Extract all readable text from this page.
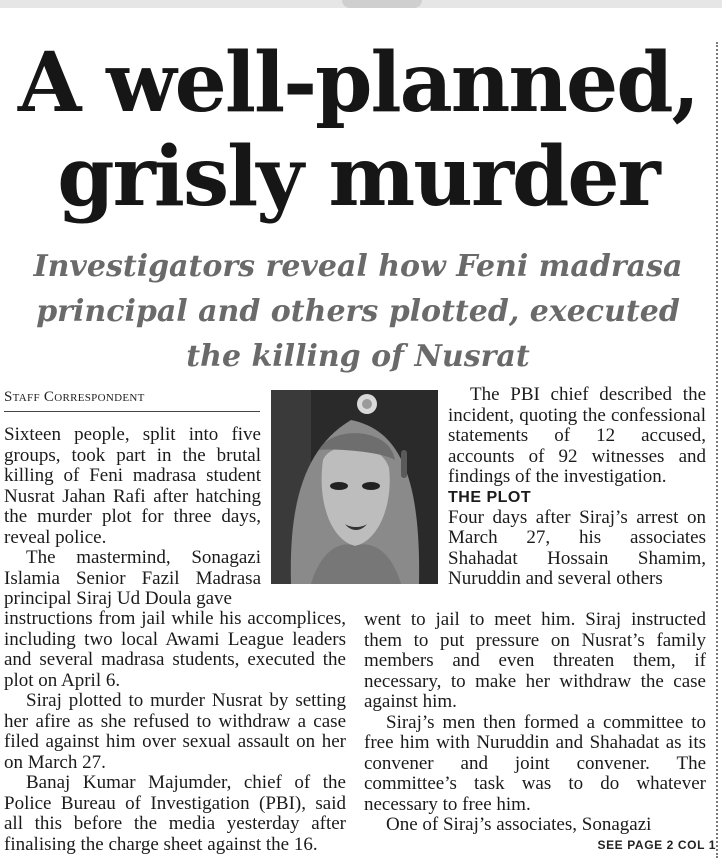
A well-planned,
grisly murder
Investigators reveal how Feni madrasa
principal and others plotted, executed
the killing of Nusrat
Staff Correspondent

Sixteen people, split into five groups, took part in the brutal killing of Feni madrasa student Nusrat Jahan Rafi after hatching the murder plot for three days, reveal police.

The mastermind, Sonagazi Islamia Senior Fazil Madrasa principal Siraj Ud Doula gave

instructions from jail while his accomplices, including two local Awami League leaders and several madrasa students, executed the plot on April 6.

Siraj plotted to murder Nusrat by setting her afire as she refused to withdraw a case filed against him over sexual assault on her on March 27.

Banaj Kumar Majumder, chief of the Police Bureau of Investigation (PBI), said all this before the media yesterday after finalising the charge sheet against the 16.

The PBI chief described the incident, quoting the confessional statements of 12 accused, accounts of 92 witnesses and findings of the investigation.

THE PLOT

Four days after Siraj’s arrest on March 27, his associates Shahadat Hossain Shamim, Nuruddin and several others

went to jail to meet him. Siraj instructed them to put pressure on Nusrat’s family members and even threaten them, if necessary, to make her withdraw the case against him.

Siraj’s men then formed a committee to free him with Nuruddin and Shahadat as its convener and joint convener. The committee’s task was to do whatever necessary to free him.

One of Siraj’s associates, Sonagazi

SEE PAGE 2 COL 1
